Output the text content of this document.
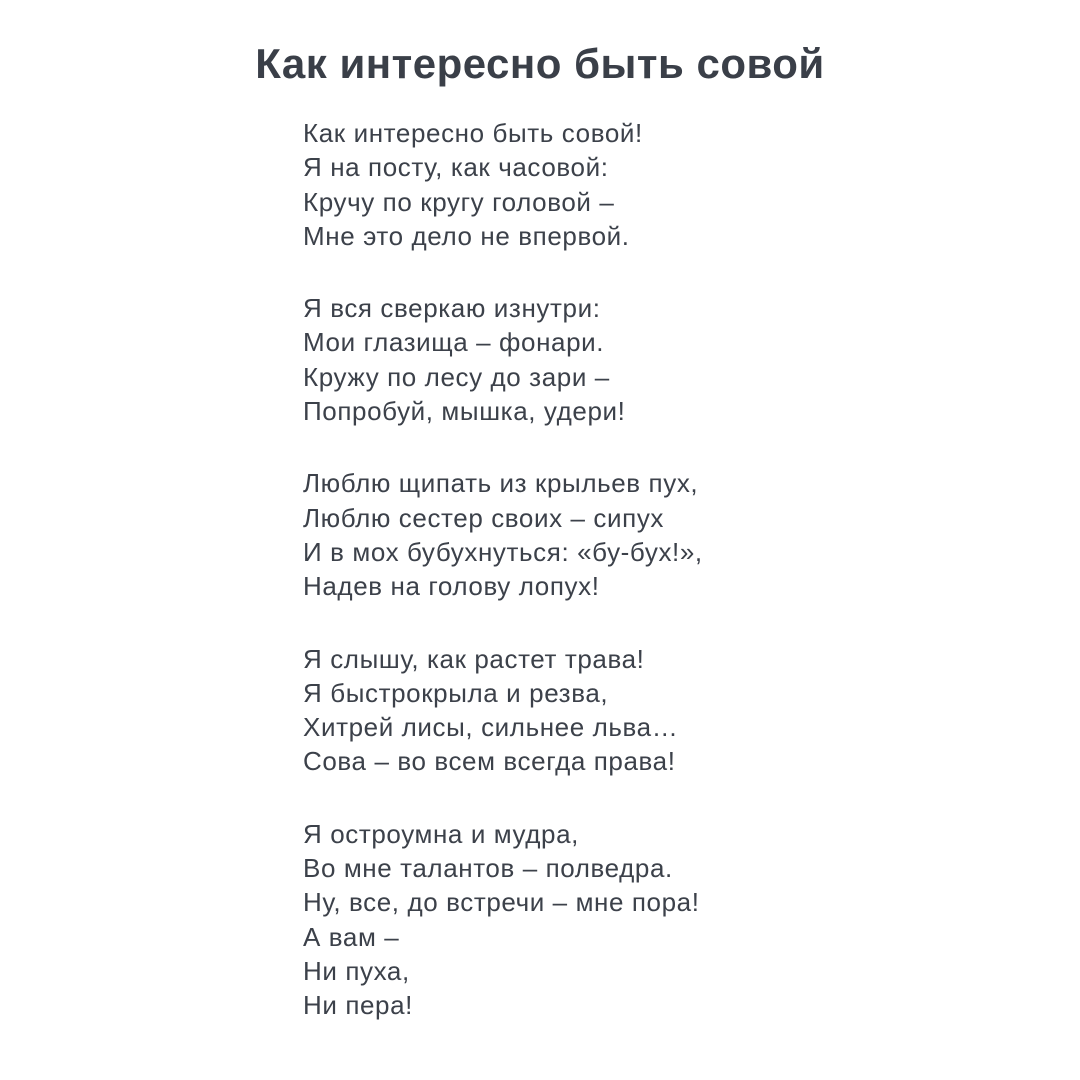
Как интересно быть совой
Как интересно быть совой!
Я на посту, как часовой:
Кручу по кругу головой –
Мне это дело не впервой.
Я вся сверкаю изнутри:
Мои глазища – фонари.
Кружу по лесу до зари –
Попробуй, мышка, удери!
Люблю щипать из крыльев пух,
Люблю сестер своих – сипух
И в мох бубухнуться: «бу-бух!»,
Надев на голову лопух!
Я слышу, как растет трава!
Я быстрокрыла и резва,
Хитрей лисы, сильнее льва…
Сова – во всем всегда права!
Я остроумна и мудра,
Во мне талантов – полведра.
Ну, все, до встречи – мне пора!
А вам –
Ни пуха,
Ни пера!
